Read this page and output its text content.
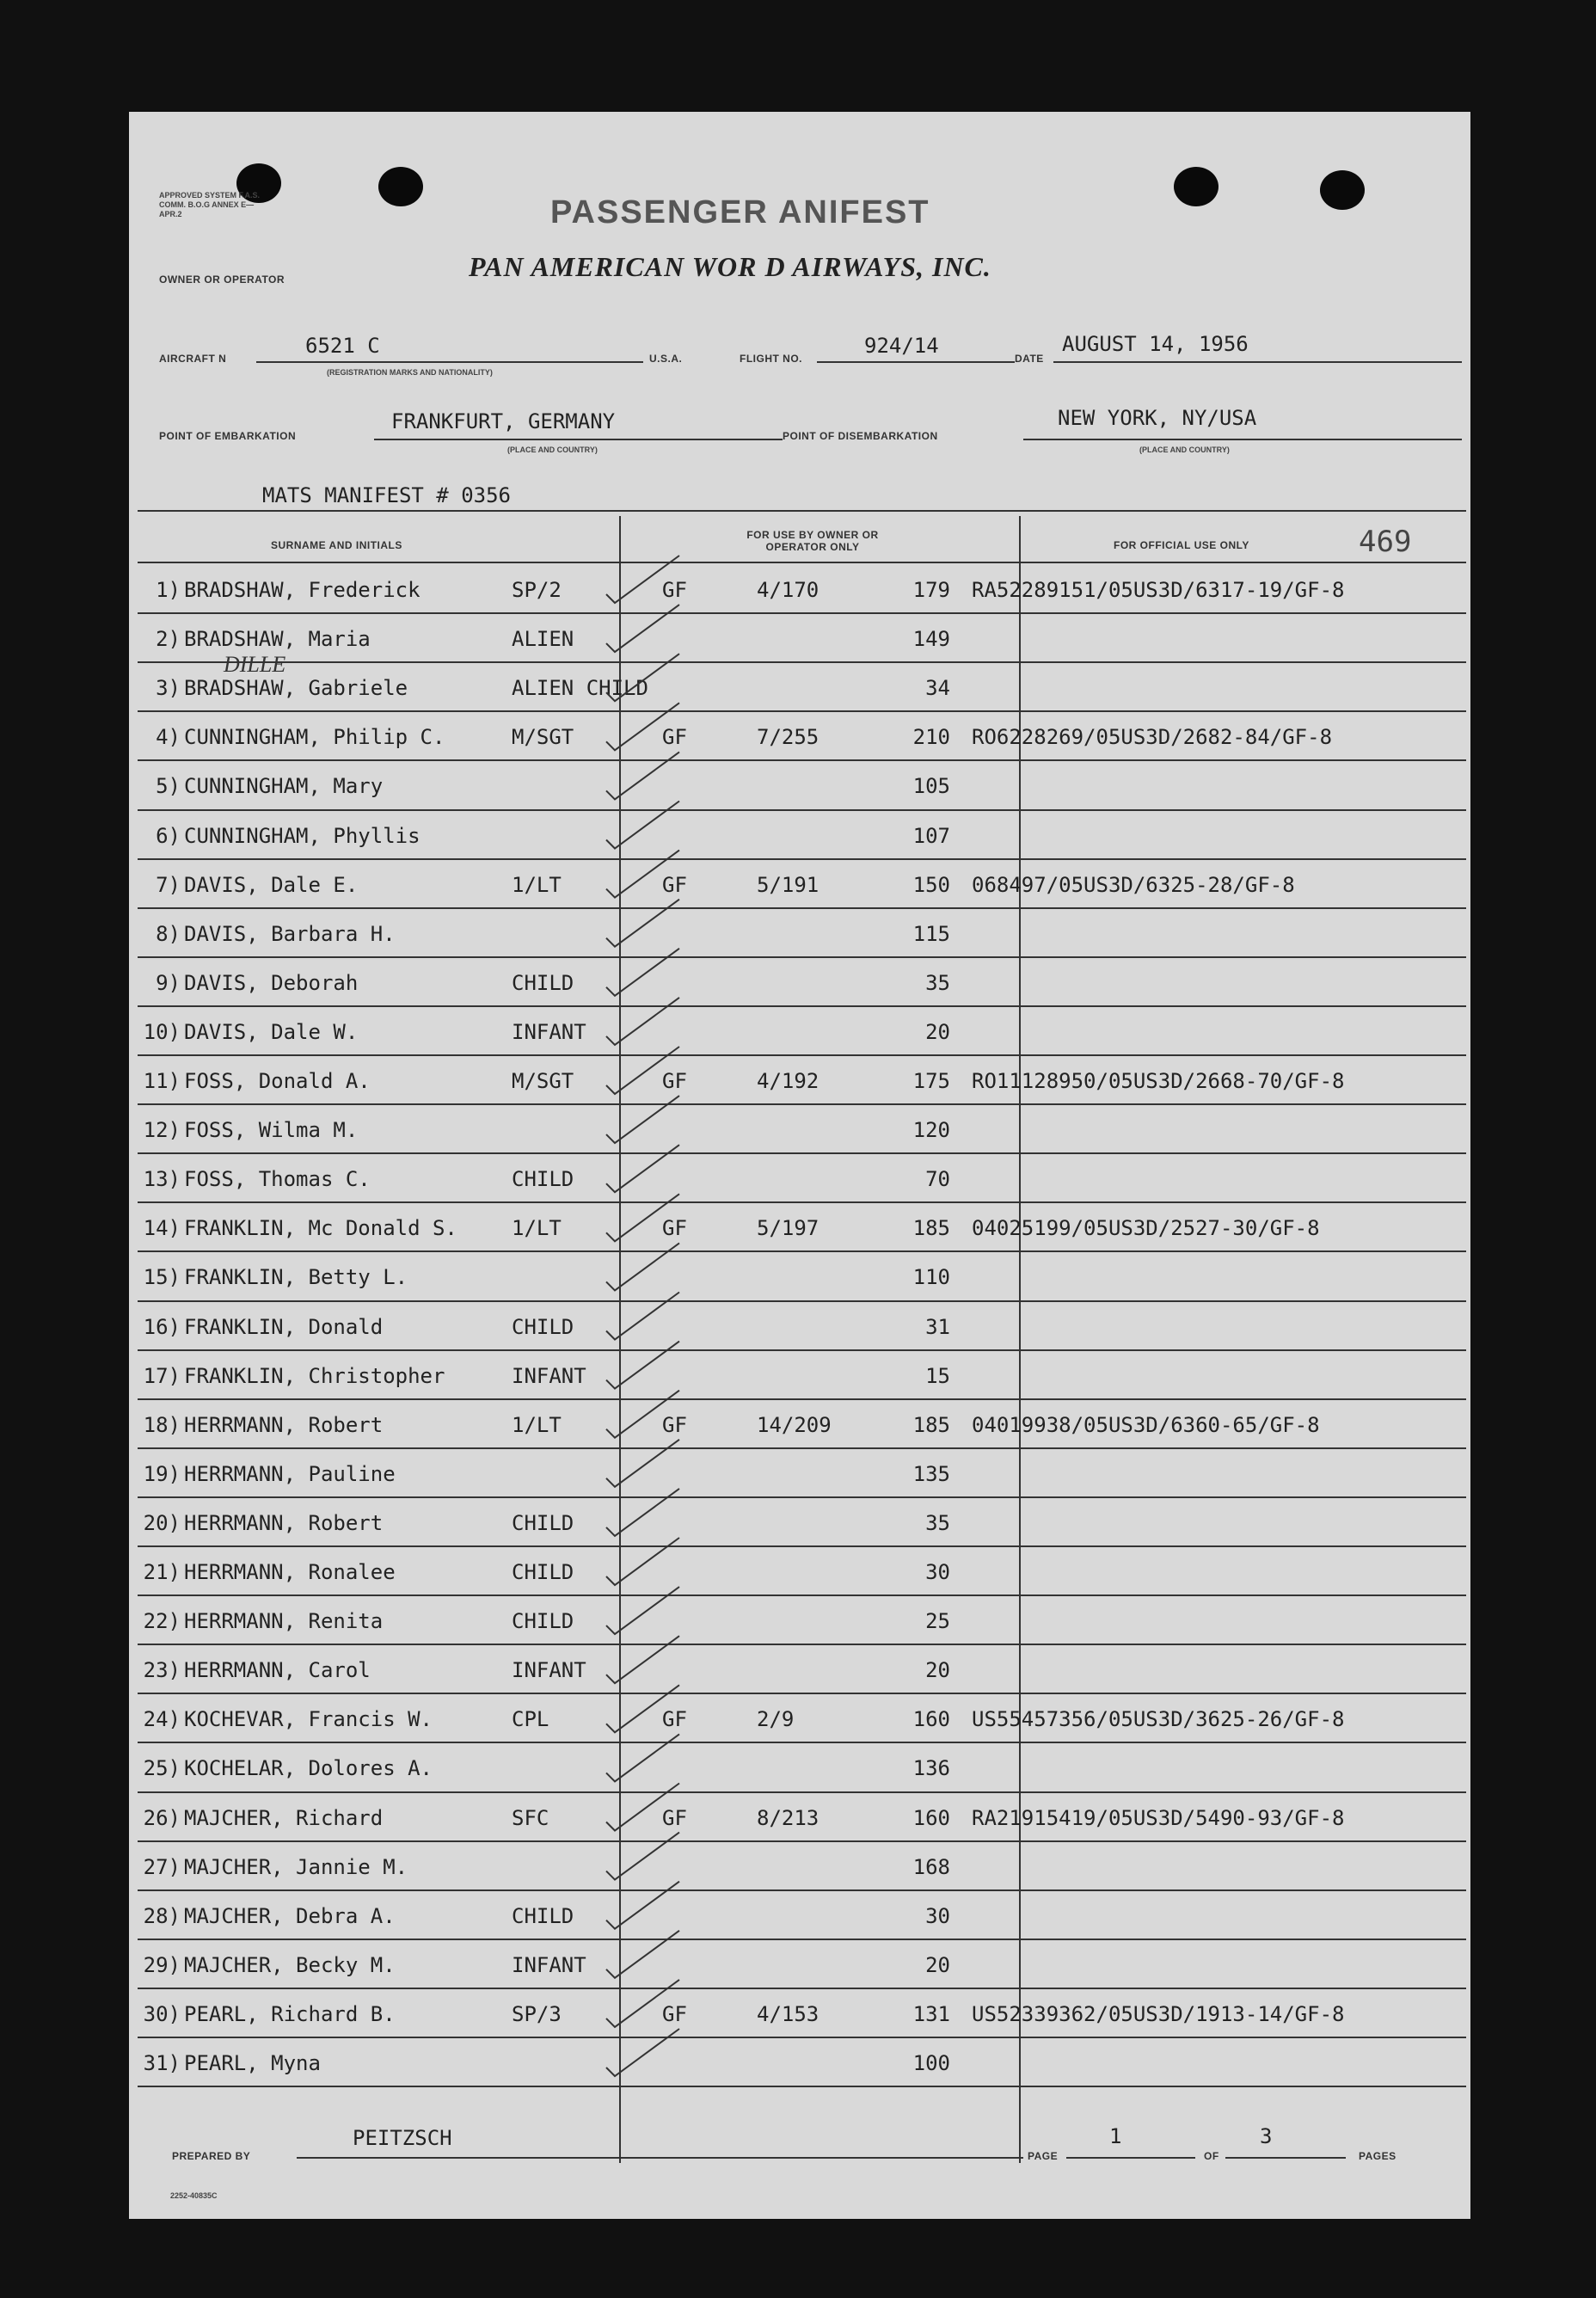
APPROVED SYSTEM F.A.S. COMM. B.O.G ANNEX E—APR.2	PASSENGER ANIFEST
OWNER OR OPERATOR	PAN AMERICAN WOR D AIRWAYS, INC.
AIRCRAFT N
6521 C
(REGISTRATION MARKS AND NATIONALITY)
U.S.A.	FLIGHT NO.
924/14
DATE
AUGUST 14, 1956
POINT OF EMBARKATION
FRANKFURT, GERMANY
(PLACE AND COUNTRY)
POINT OF DISEMBARKATION
NEW YORK, NY/USA
(PLACE AND COUNTRY)
MATS MANIFEST # 0356
SURNAME AND INITIALS
FOR USE BY OWNER OR OPERATOR ONLY	FOR OFFICIAL USE ONLY	469
1) BRADSHAW, Frederick	SP/2	GF	4/170	179 RA52289151/05US3D/6317-19/GF-8
2) BRADSHAW, Maria	ALIEN	149
3) BRADSHAW, Gabriele	ALIEN CHILD	34
4) CUNNINGHAM, Philip C.	M/SGT	GF	7/255	210 RO6228269/05US3D/2682-84/GF-8
5) CUNNINGHAM, Mary	105
6) CUNNINGHAM, Phyllis	107
7) DAVIS, Dale E.	1/LT	GF	5/191	150 068497/05US3D/6325-28/GF-8
8) DAVIS, Barbara H.	115
9) DAVIS, Deborah	CHILD	35
10) DAVIS, Dale W.	INFANT	20
11) FOSS, Donald A.	M/SGT	GF	4/192	175 RO11128950/05US3D/2668-70/GF-8
12) FOSS, Wilma M.	120
13) FOSS, Thomas C.	CHILD	70
14) FRANKLIN, Mc Donald S.	1/LT	GF	5/197	185 04025199/05US3D/2527-30/GF-8
15) FRANKLIN, Betty L.	110
16) FRANKLIN, Donald	CHILD	31
17) FRANKLIN, Christopher	INFANT	15
18) HERRMANN, Robert	1/LT	GF	14/209	185 04019938/05US3D/6360-65/GF-8
19) HERRMANN, Pauline	135
20) HERRMANN, Robert	CHILD	35
21) HERRMANN, Ronalee	CHILD	30
22) HERRMANN, Renita	CHILD	25
23) HERRMANN, Carol	INFANT	20
24) KOCHEVAR, Francis W.	CPL	GF	2/9	160 US55457356/05US3D/3625-26/GF-8
25) KOCHELAR, Dolores A.	136
26) MAJCHER, Richard	SFC	GF	8/213	160 RA21915419/05US3D/5490-93/GF-8
27) MAJCHER, Jannie M.	168
28) MAJCHER, Debra A.	CHILD	30
29) MAJCHER, Becky M.	INFANT	20
30) PEARL, Richard B.	SP/3	GF	4/153	131 US52339362/05US3D/1913-14/GF-8
31) PEARL, Myna	100
DILLE
PREPARED BY
PEITZSCH
PAGE
1
OF
3
PAGES
2252-40835C
